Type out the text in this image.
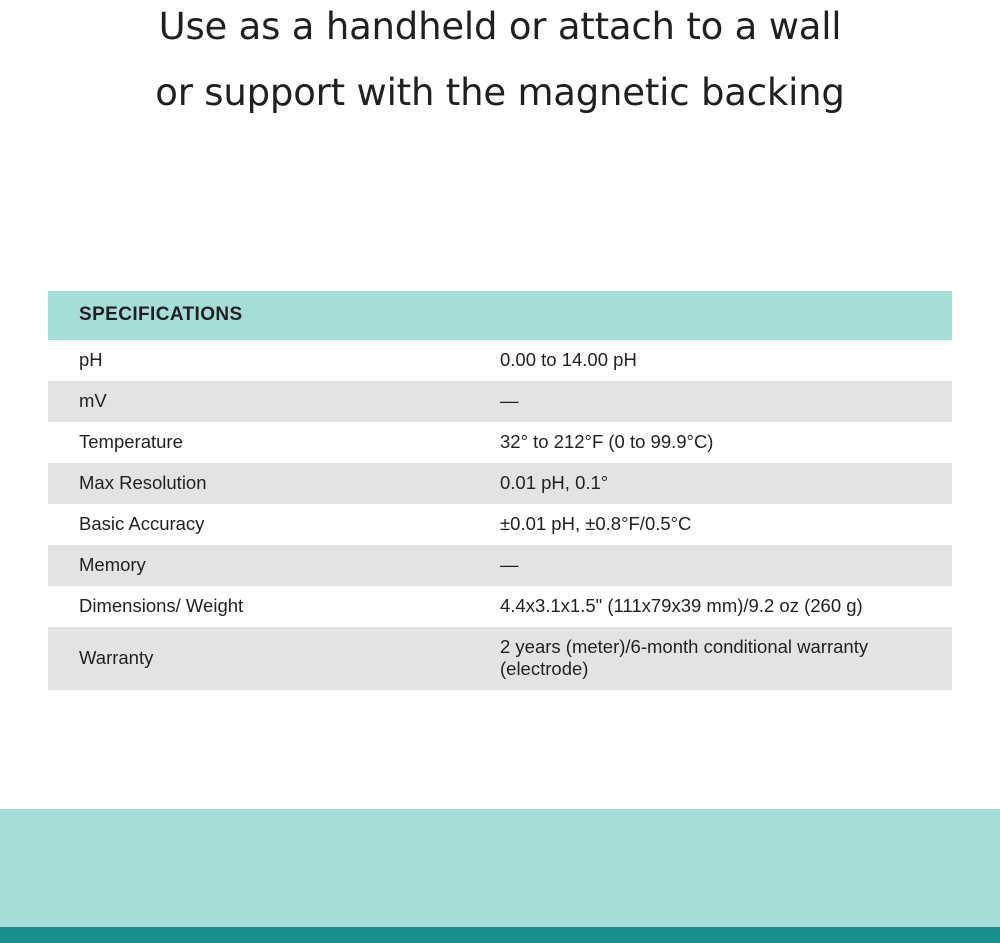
Use as a handheld or attach to a wall
or support with the magnetic backing
SPECIFICATIONS	
pH	0.00 to 14.00 pH
mV	—
Temperature	32° to 212°F (0 to 99.9°C)
Max Resolution	0.01 pH, 0.1°
Basic Accuracy	±0.01 pH, ±0.8°F/0.5°C
Memory	—
Dimensions/ Weight	4.4x3.1x1.5" (111x79x39 mm)/9.2 oz (260 g)
Warranty	2 years (meter)/6-month conditional warranty (electrode)
